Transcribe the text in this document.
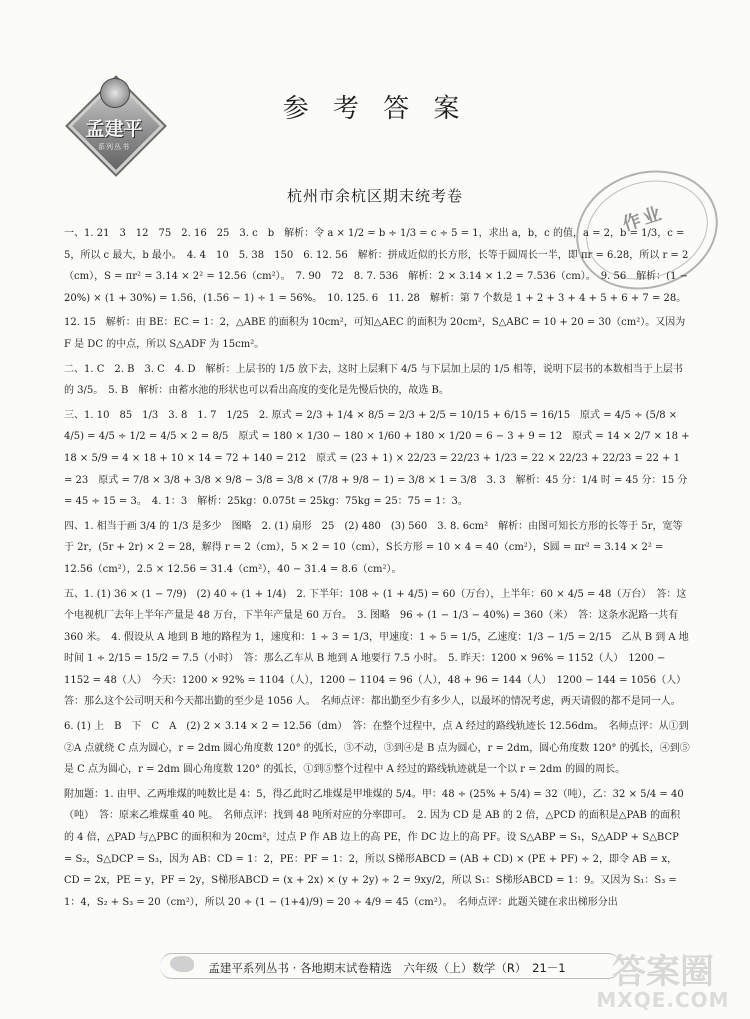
孟建平
系列丛书
参 考 答 案
杭州市余杭区期末统考卷
作业

一、1. 21　3　12　75　2. 16　25　3. c　b　解析：令 a × 1/2 = b ÷ 1/3 = c ÷ 5 = 1，求出 a，b，c 的值，a = 2，b = 1/3，c = 5，所以 c 最大，b 最小。　4. 4　10　5. 38　150　6. 12. 56　解析：拼成近似的长方形，长等于圆周长一半，即 πr = 6.28，所以 r = 2（cm），S = πr² = 3.14 × 2² = 12.56（cm²）。　7. 90　72　8. 7. 536　解析：2 × 3.14 × 1.2 = 7.536（cm）。　9. 56　解析：(1 − 20%) × (1 + 30%) = 1.56，(1.56 − 1) ÷ 1 = 56%。　10. 125. 6　11. 28　解析：第 7 个数是 1 + 2 + 3 + 4 + 5 + 6 + 7 = 28。

12. 15　解析：由 BE：EC = 1：2，△ABE 的面积为 10cm²，可知△AEC 的面积为 20cm²，S△ABC = 10 + 20 = 30（cm²）。又因为 F 是 DC 的中点，所以 S△ADF 为 15cm²。

二、1. C　2. B　3. C　4. D　解析：上层书的 1/5 放下去，这时上层剩下 4/5 与下层加上层的 1/5 相等，说明下层书的本数相当于上层书的 3/5。　5. B　解析：由蓄水池的形状也可以看出高度的变化是先慢后快的，故选 B。

三、1. 10　85　1/3　3. 8　1. 7　1/25　2. 原式 = 2/3 + 1/4 × 8/5 = 2/3 + 2/5 = 10/15 + 6/15 = 16/15　原式 = 4/5 ÷ (5/8 × 4/5) = 4/5 ÷ 1/2 = 4/5 × 2 = 8/5　原式 = 180 × 1/30 − 180 × 1/60 + 180 × 1/20 = 6 − 3 + 9 = 12　原式 = 14 × 2/7 × 18 + 18 × 5/9 = 4 × 18 + 10 × 14 = 72 + 140 = 212　原式 = (23 + 1) × 22/23 = 22/23 + 1/23 = 22 × 22/23 + 22/23 = 22 + 1 = 23　原式 = 7/8 × 3/8 + 3/8 × 9/8 − 3/8 = 3/8 × (7/8 + 9/8 − 1) = 3/8 × 1 = 3/8　3. 3　解析：45 分：1/4 时 = 45 分：15 分 = 45 ÷ 15 = 3。　4. 1：3　解析：25kg：0.075t = 25kg：75kg = 25：75 = 1：3。

四、1. 相当于画 3/4 的 1/3 是多少　图略　2. (1) 扇形　25　(2) 480　(3) 560　3. 8. 6cm²　解析：由图可知长方形的长等于 5r，宽等于 2r，(5r + 2r) × 2 = 28，解得 r = 2（cm），5 × 2 = 10（cm），S长方形 = 10 × 4 = 40（cm²），S圆 = πr² = 3.14 × 2² = 12.56（cm²），2.5 × 12.56 = 31.4（cm²），40 − 31.4 = 8.6（cm²）。

五、1. (1) 36 × (1 − 7/9)　(2) 40 ÷ (1 + 1/4)　2. 下半年：108 ÷ (1 + 4/5) = 60（万台），上半年：60 × 4/5 = 48（万台）　答：这个电视机厂去年上半年产量是 48 万台，下半年产量是 60 万台。　3. 图略　96 ÷ (1 − 1/3 − 40%) = 360（米）　答：这条水泥路一共有 360 米。　4. 假设从 A 地到 B 地的路程为 1，速度和：1 ÷ 3 = 1/3，甲速度：1 ÷ 5 = 1/5，乙速度：1/3 − 1/5 = 2/15　乙从 B 到 A 地时间 1 ÷ 2/15 = 15/2 = 7.5（小时）　答：那么乙车从 B 地到 A 地要行 7.5 小时。　5. 昨天：1200 × 96% = 1152（人）　1200 − 1152 = 48（人）　今天：1200 × 92% = 1104（人），1200 − 1104 = 96（人），48 + 96 = 144（人）　1200 − 144 = 1056（人）　答：那么这个公司明天和今天都出勤的至少是 1056 人。　名师点评：都出勤至少有多少人，以最坏的情况考虑，两天请假的都不是同一人。

6. (1) 上　B　下　C　A　(2) 2 × 3.14 × 2 = 12.56（dm）　答：在整个过程中，点 A 经过的路线轨迹长 12.56dm。　名师点评：从①到②A 点就绕 C 点为圆心，r = 2dm 圆心角度数 120° 的弧长，③不动，③到④是 B 点为圆心，r = 2dm，圆心角度数 120° 的弧长，④到⑤是 C 点为圆心，r = 2dm 圆心角度数 120° 的弧长，①到⑤整个过程中 A 经过的路线轨迹就是一个以 r = 2dm 的圆的周长。

附加题：1. 由甲、乙两堆煤的吨数比是 4：5，得乙此时乙堆煤是甲堆煤的 5/4。甲：48 ÷ (25% + 5/4) = 32（吨），乙：32 × 5/4 = 40（吨）　答：原来乙堆煤重 40 吨。　名师点评：找到 48 吨所对应的分率即可。　2. 因为 CD 是 AB 的 2 倍，△PCD 的面积是△PAB 的面积的 4 倍，△PAD 与△PBC 的面积和为 20cm²，过点 P 作 AB 边上的高 PE，作 DC 边上的高 PF。设 S△ABP = S₁，S△ADP + S△BCP = S₂，S△DCP = S₃，因为 AB：CD = 1：2，PE：PF = 1：2，所以 S梯形ABCD = (AB + CD) × (PE + PF) ÷ 2，即令 AB = x，CD = 2x，PE = y，PF = 2y，S梯形ABCD = (x + 2x) × (y + 2y) ÷ 2 = 9xy/2，所以 S₁：S梯形ABCD = 1：9。又因为 S₁：S₃ = 1：4，S₂ + S₃ = 20（cm²），所以 20 ÷ (1 − (1+4)/9) = 20 ÷ 4/9 = 45（cm²）。　名师点评：此题关键在求出梯形分出

孟建平系列丛书 · 各地期末试卷精选　六年级（上）数学（R）　21－1	答案圈
MXQE.COM
